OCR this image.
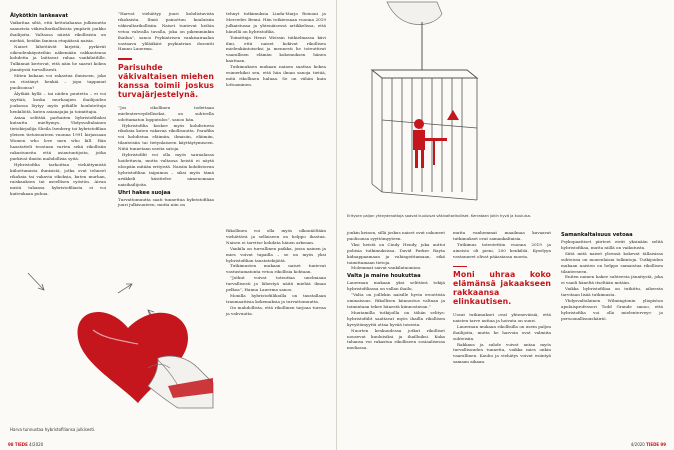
Älykötkin lankeavat

Vaikuttaa siltä, että kettutahansa julkisuutta saaneista väkivaltarikollisista ympäröi joukko ihailijoita. Valtaosa näistä rikollisista on miehiä, heidän faninsa etupäässä naisia.

Naiset lähettävät kirjeitä, pyrkivät oikeudenkäynteihin näkemään rakkautensa kohdetta ja laittavat rahaa vankilatilille. Tulkinnat kertovat, että näin he saavat kokea jännitystä turvallisesti.

Miten kukaan voi rakastua ihmiseen, joka on riistänyt henkiä – jopa tappanut puolisonsa?

Älytkää kyllä – tai niiden puutetta – ei voi syyttää, koska murhaajien ihailijoiden joukossa löytyy myös pitkälle koulutettuja henkilöitä, kuten asianajajia ja toimittajia.

Asiaa selittää parhaiten hybristofiliaksi kutsuttu mieltymys. Yhdysvaltalainen tietokirjailija Sheila Isenberg toi hybristofilian yleisen tietoisuuteen vuonna 1991 kirjassaan Women who love men who kill. Hän haastatteli teostaan varten sekä rikollisiin rakastuneita että asiantuntijoita, jotka purkivat ilmiön mahdollisia syitä.

Hybristofilia tarkoittaa viehättymistä kiihottumista ihmisistä, jotka ovat tehneet rikoksia tai vakavia rikoksia, kuten murhan, raiskauksen tai aseellisen ryöstön. Aivan mistä tahansa hybristofiliasta ei voi kuitenkaan puhua.

”Harvat viehättyy juuri kohdistuvista rikoksista. Ilmiö painottuu kuuluisiin väkivaltarikollisiin. Naiset tuntevat heihin vetoa vahvalla tavalla, joka on pikemminkin ihailua”, sanoo Psykiatrisen vankisairaalan vastaava ylilääkäri psykiatrian dosentti Hannu Lauerma.

Parisuhde väkivaltaisen miehen kanssa toimii joskus turvajärjestelynä.

”Jos rikollinen todettaan mielenterveydelliseksi, on suhteella odottamaton lopputulos”, sanoo hän.

Hybristofilia koskee myös kohdistuvia rikoksia kuten vakavaa rikollisuutta. Parafilia voi kohdistua eläimiin, ihmisiin, eläimiin, tilanteisiin tai tietynlaiseen käyttäytymiseen. Niitä tunnetaan useita satoja.

Hybristofilit voi olla myös sairaalassa hoidettavia, mutta valtaosa heistä ei näytä ulospäin mitään erityistä. Naisiin kohdistuvan hybristofilian taipumus – siksi myös tämä artikkeli käsittelee nimenomaan naisihailijoita.

Uhri hakee suojaa

Turvattomuutta saati tunnettua hybristofiliaa juuri julkisuuteen, mutta niin on

Harva tunnustaa hybristofiliansa julkisesti.

tehnyt tutkimuksia Linda-Marja Reinoni ja Mercedes Benni. Hän tutkiessaan vuonna 2019 julkaistussa ja yhtenäisessä artikkelissa, että hänellä on hybristofilia.

Toimittaja Henri Weissin tutkielmassa kävi ilmi, että naiset kokivat rikollisen mielenkiintoiseksi ja mennesti he toteuttivat vaarallisen elämän kokemuksen hänen kauttaan.

Tutkimuksen mukaan nainen saattaa kokea esimerkiksi sen, että hän ilman sanoja tietää, mitä rikollinen haluaa. Se on vähän kuin lottoaminen.

Rikollinen voi olla myös ulkonäöltään viehättävä ja sellaiseen on helppo ihastua. Naisen ei tarvitse kohdata hänen arkeaan.

Vankila on turvallinen paikka, jossa nainen ja mies voivat tapailla – se on myös yksi hybristofilian taustatekijöitä.

Tutkimusten mukaan naiset tuntevat vastustamatonta vetoa rikollisia kohtaan.

”Jotkut voivat toteuttaa unelmiaan turvallisesti ja lähestyä näitä miehiä ilman pelkoa”, Hanna Lauerma sanoo.

Monilla hybristofiilikoilla on taustallaan traumaattisia kokemuksia ja turvattomuutta.

On mahdollista, että rikollinen tarjoaa turvaa ja vahvuutta.

98 TIEDE 4/2020
Eritysen paljon yhteydenottoja saavat kuuluisat väkivaltarikolliset. Kerrataan jokin hyvä ja kuuluisa.

jonkin keinon, sillä joskus naiset ovat uskoneet puolisonsa syyttömyyteen.

Yksi heistä on Cindy Hendy, joka auttoi poliisia tutkimuksissa. David Parker Rayta kidnappaamaan ja vahingoittamaan, eikä toimittamaan tietoja.

Molemmat saivat vankilatuomion.

Valta ja maine houkuttaa

Lauerman mukaan yksi selittävä tekijä hybristofiliassa on vallan ihailu.

”Valta on joillekin naisille hyvin eroottista ominaisuus. Rikollisen kiinnostus valtaan ja toimintaan tekee hänestä kiinnostavan.”

Muutamilla tutkijoilla on tähän selitys: hybristofiilit saattavat myös ihailla rikollisen kyvyttömyyttä ottaa hyvää toisesta.

Nuorten keskuudessa jotkut rikolliset nousevat kuuluisiksi ja ihailluiksi. Kuka tahansa voi rakastua rikolliseen sosiaalisessa mediassa.

mutta vanhemmat maailmaa kuvaavat tutkimukset ovat samankaltaisia.

Tutkimus toteutettiin vuonna 2019 ja aineisto oli pieni, 200 henkilöä. Kyselyyn vastanneet olivat pääasiassa nuoria.

Moni uhraa koko elämänsä jakaakseen rakkaansa elinkautisen.

Useat tutkimukset ovat yhteneväisiä, että naisten tarve auttaa ja hoivata on suuri.

Lauerman mukaan rikollisilla on usein paljon ihailijoita, mutta he harvoin ovat valmiita suhteisiin.

Rakkaus ja suhde voivat antaa myös turvallisuuden tunnetta, vaikka mies onkin vaarallinen. Kauhu ja viehätys voivat esiintyä samaan aikaan.

Samankaltaisuus vetoaa

Psykopaattiset piirteet eivät yksinään selitä hybristofiliaa, mutta niillä on vaikutusta.

Siitä mitä naiset yleensä kokevat tällaisissa suhteissa on monenlaisia tulkintoja. Tutkijoiden mukaan naisten on helppo samaistua rikollisen tilanteeseen.

Eniten nainen hakee suhteesta jännitystä, joka ei vaadi häneltä itseltään mitään.

Vaikka hybristofiliaa on tutkittu, aiheesta tarvitaan lisää tutkimusta.

Yhdysvaltalainen Wilmingtonin yliopiston apulaisprofessori Todd Grande sanoo, että hybristofilia voi olla mielenterveys- ja persoonallisuushäiriö.

4/2020 TIEDE 99
